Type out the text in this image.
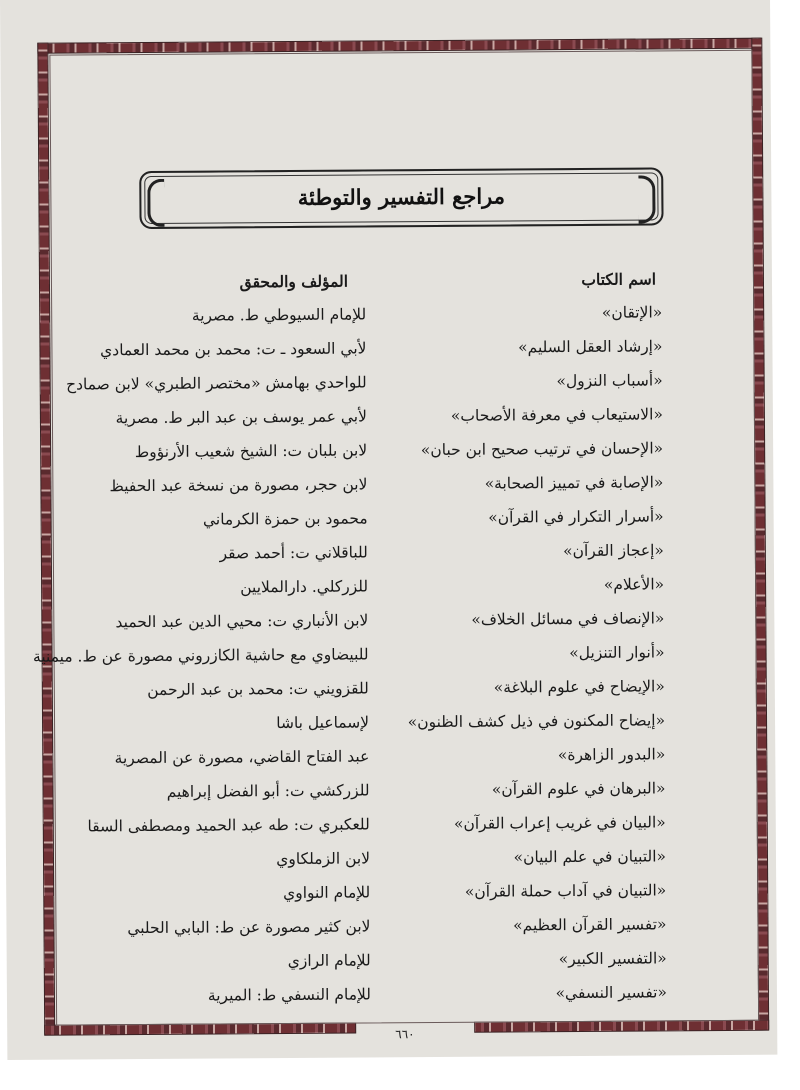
مراجع التفسير والتوطئة
اسم الكتاب
المؤلف والمحقق
«الإتقان»
للإمام السيوطي ط. مصرية
«إرشاد العقل السليم»
لأبي السعود ـ ت: محمد بن محمد العمادي
«أسباب النزول»
للواحدي بهامش «مختصر الطبري» لابن صمادح
«الاستيعاب في معرفة الأصحاب»
لأبي عمر يوسف بن عبد البر ط. مصرية
«الإحسان في ترتيب صحيح ابن حبان»
لابن بلبان ت: الشيخ شعيب الأرنؤوط
«الإصابة في تمييز الصحابة»
لابن حجر، مصورة من نسخة عبد الحفيظ
«أسرار التكرار في القرآن»
محمود بن حمزة الكرماني
«إعجاز القرآن»
للباقلاني ت: أحمد صقر
«الأعلام»
للزركلي. دارالملايين
«الإنصاف في مسائل الخلاف»
لابن الأنباري ت: محيي الدين عبد الحميد
«أنوار التنزيل»
للبيضاوي مع حاشية الكازروني مصورة عن ط. ميمنية
«الإيضاح في علوم البلاغة»
للقزويني ت: محمد بن عبد الرحمن
«إيضاح المكنون في ذيل كشف الظنون»
لإسماعيل باشا
«البدور الزاهرة»
عبد الفتاح القاضي، مصورة عن المصرية
«البرهان في علوم القرآن»
للزركشي ت: أبو الفضل إبراهيم
«البيان في غريب إعراب القرآن»
للعكبري ت: طه عبد الحميد ومصطفى السقا
«التبيان في علم البيان»
لابن الزملكاوي
«التبيان في آداب حملة القرآن»
للإمام النواوي
«تفسير القرآن العظيم»
لابن كثير مصورة عن ط: البابي الحلبي
«التفسير الكبير»
للإمام الرازي
«تفسير النسفي»
للإمام النسفي ط: الميرية
٦٦٠
